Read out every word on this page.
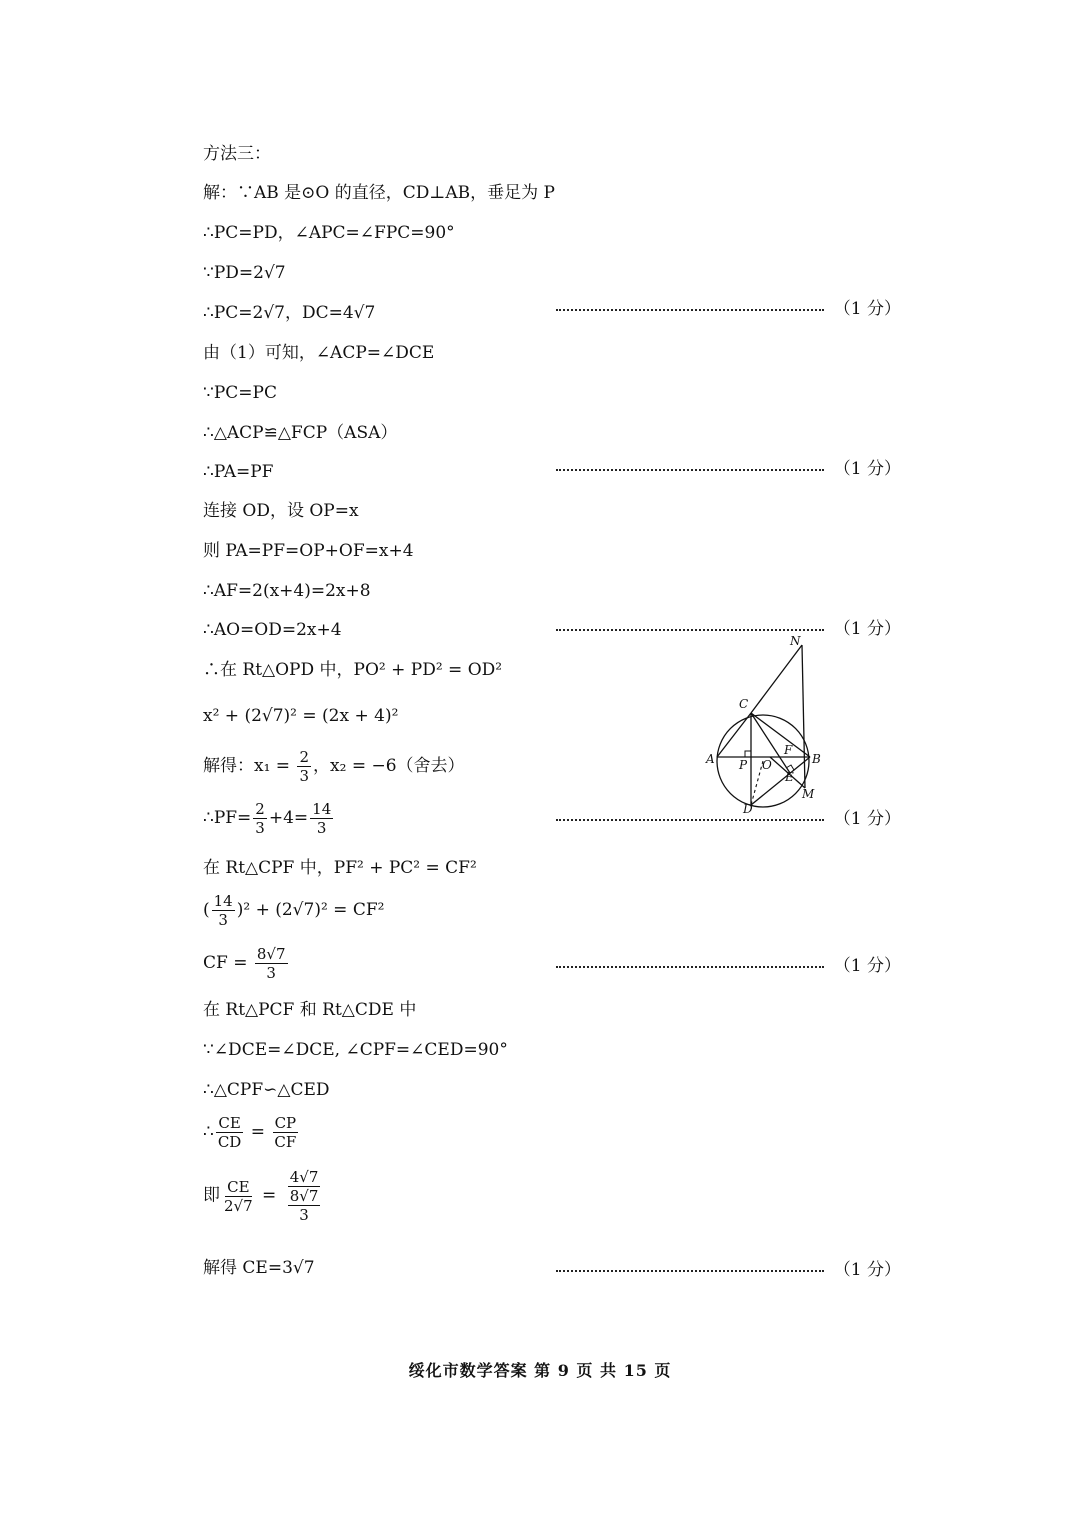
方法三：
解：∵AB 是⊙O 的直径，CD⊥AB，垂足为 P
∴PC=PD，∠APC=∠FPC=90°
∵PD=2√7
∴PC=2√7，DC=4√7	（1 分）
由（1）可知，∠ACP=∠DCE
∵PC=PC
∴△ACP≌△FCP（ASA）
∴PA=PF	（1 分）
连接 OD，设 OP=x
则 PA=PF=OP+OF=x+4
∴AF=2(x+4)=2x+8
∴AO=OD=2x+4	（1 分）
∴在 Rt△OPD 中，PO² + PD² = OD²
x² + (2√7)² = (2x + 4)²
解得：$x_1 = \frac{2}{3}$ ，x₂ = −6（舍去）
∴PF= $\frac{2}{3} +4= \frac{14}{3}$	（1 分）
在 Rt△CPF 中，PF² + PC² = CF²
( $\frac{14}{3} )^2 + (2√7)^2 = CF^2$
CF = $\frac{8√7}{3}$	（1 分）
在 Rt△PCF 和 Rt△CDE 中
∵∠DCE=∠DCE, ∠CPF=∠CED=90°
∴△CPF∽△CED
∴ $\frac{CE}{CD} = \frac{CP}{CF}$
即 $\frac{CE}{2√7} = \frac{4√7}{\frac{8√7}{3}}$
解得 CE=3√7	（1 分）
A	B
C
D
E
F
M
N
O
P
绥化市数学答案 第 9 页 共 15 页
